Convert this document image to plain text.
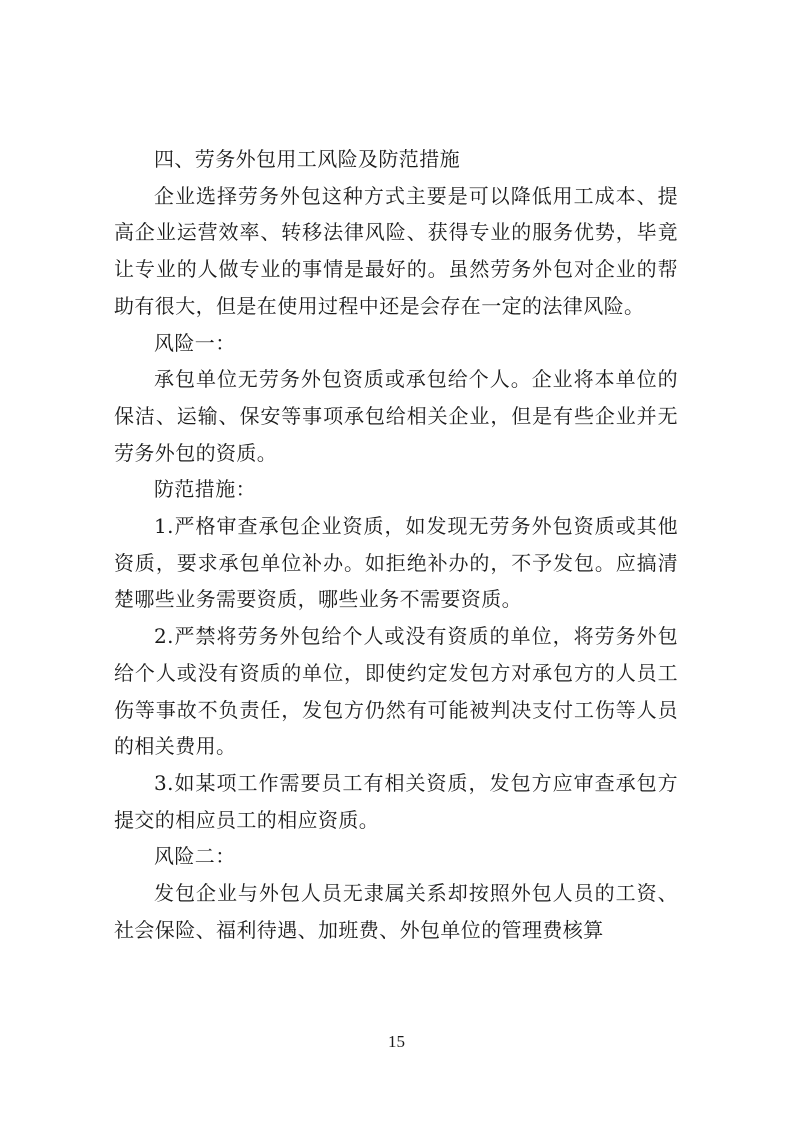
四、劳务外包用工风险及防范措施

企业选择劳务外包这种方式主要是可以降低用工成本、提高企业运营效率、转移法律风险、获得专业的服务优势，毕竟让专业的人做专业的事情是最好的。虽然劳务外包对企业的帮助有很大，但是在使用过程中还是会存在一定的法律风险。

风险一：

承包单位无劳务外包资质或承包给个人。企业将本单位的保洁、运输、保安等事项承包给相关企业，但是有些企业并无劳务外包的资质。

防范措施：

1.严格审查承包企业资质，如发现无劳务外包资质或其他资质，要求承包单位补办。如拒绝补办的，不予发包。应搞清楚哪些业务需要资质，哪些业务不需要资质。

2.严禁将劳务外包给个人或没有资质的单位，将劳务外包给个人或没有资质的单位，即使约定发包方对承包方的人员工伤等事故不负责任，发包方仍然有可能被判决支付工伤等人员的相关费用。

3.如某项工作需要员工有相关资质，发包方应审查承包方提交的相应员工的相应资质。

风险二：

发包企业与外包人员无隶属关系却按照外包人员的工资、社会保险、福利待遇、加班费、外包单位的管理费核算

15
